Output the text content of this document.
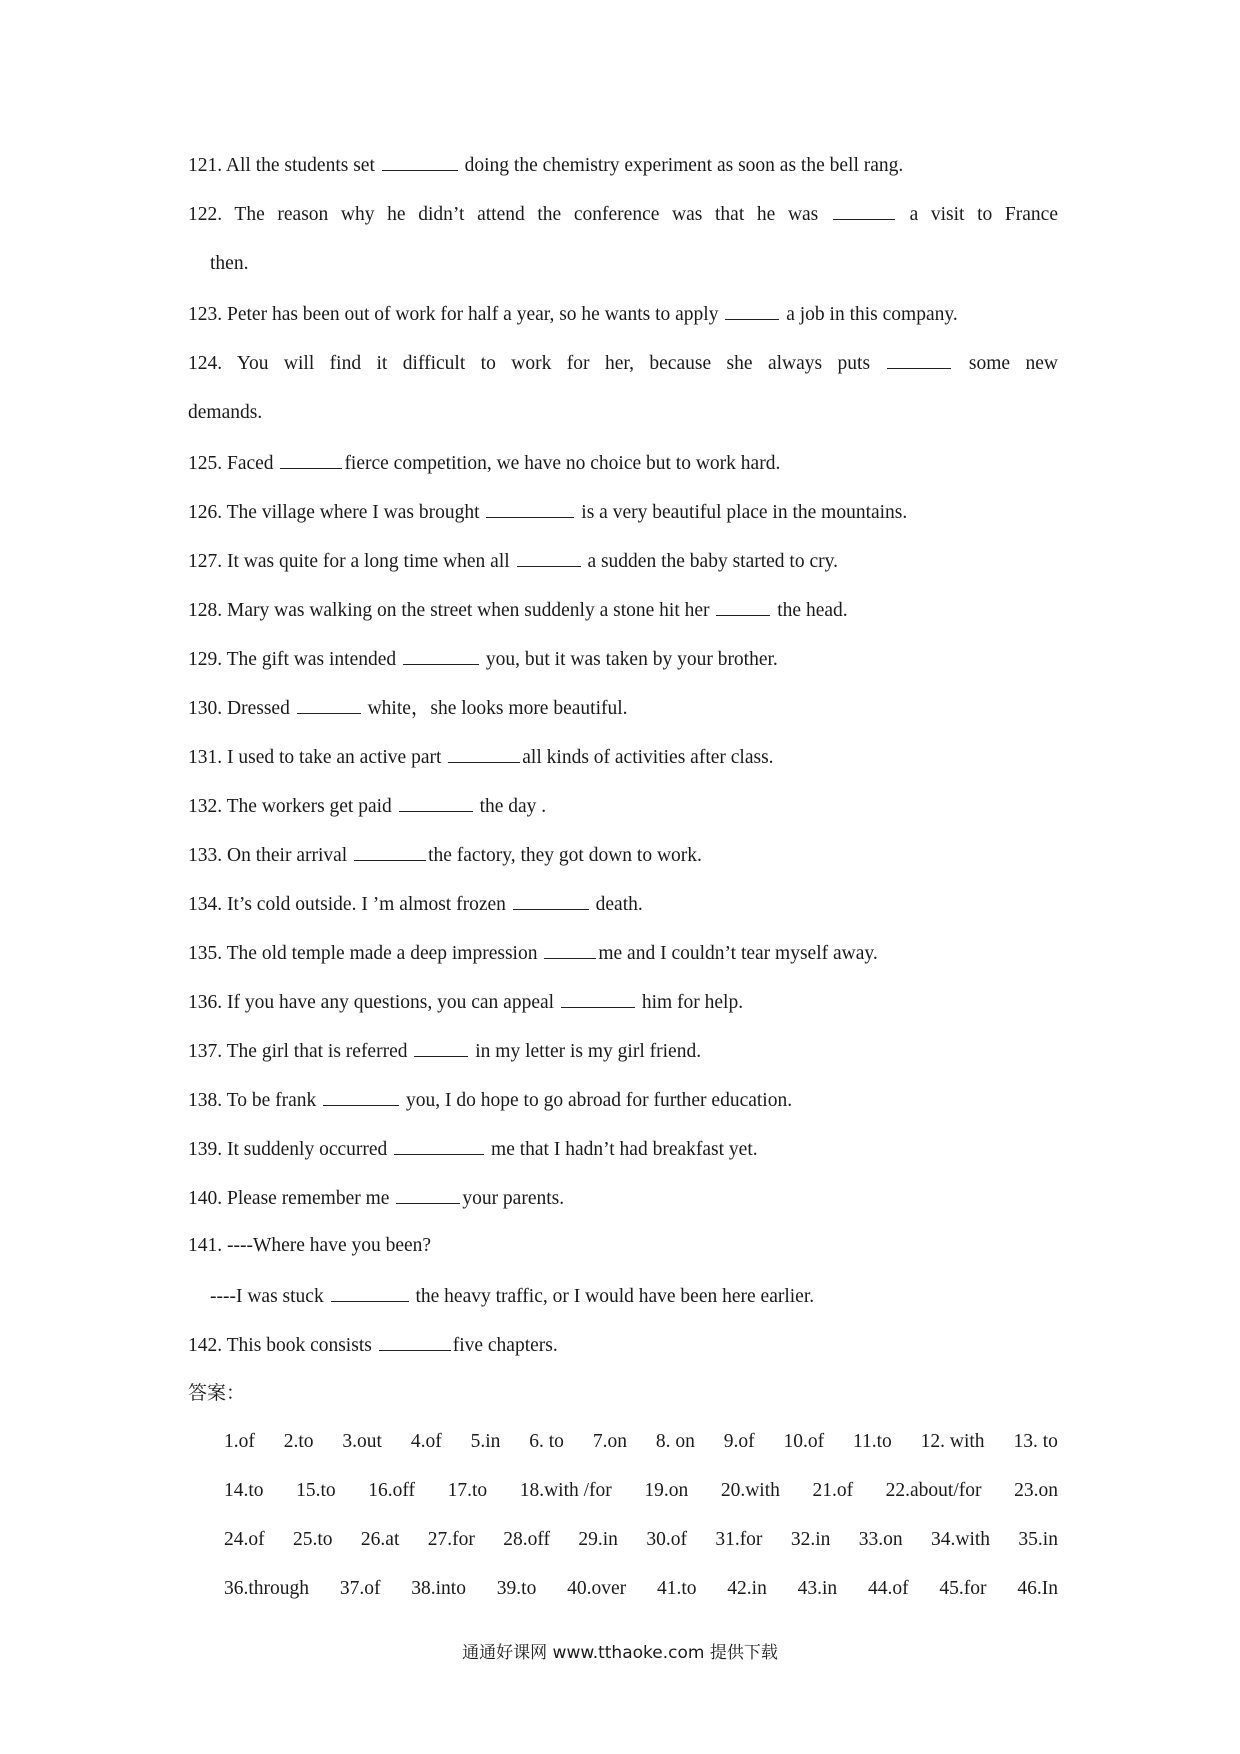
121. All the students set	doing the chemistry experiment as soon as the bell rang.
122. The reason why he didn’t attend the conference was that he was	a visit to France
then.
123. Peter has been out of work for half a year, so he wants to apply	a job in this company.
124. You will find it difficult to work for her, because she always puts	some new
demands.
125. Faced	fierce competition, we have no choice but to work hard.
126. The village where I was brought	is a very beautiful place in the mountains.
127. It was quite for a long time when all	a sudden the baby started to cry.
128. Mary was walking on the street when suddenly a stone hit her	the head.
129. The gift was intended	you, but it was taken by your brother.
130. Dressed	white，she looks more beautiful.
131. I used to take an active part	all kinds of activities after class.
132. The workers get paid	the day .
133. On their arrival	the factory, they got down to work.
134. It’s cold outside. I ’m almost frozen	death.
135. The old temple made a deep impression	me and I couldn’t tear myself away.
136. If you have any questions, you can appeal	him for help.
137. The girl that is referred	in my letter is my girl friend.
138. To be frank	you, I do hope to go abroad for further education.
139. It suddenly occurred	me that I hadn’t had breakfast yet.
140. Please remember me	your parents.
141. ----Where have you been?
----I was stuck	the heavy traffic, or I would have been here earlier.
142. This book consists	five chapters.
答案：
1.of 2.to 3.out 4.of 5.in 6. to 7.on 8. on 9.of 10.of 11.to 12. with 13. to
14.to 15.to 16.off 17.to 18.with /for 19.on 20.with 21.of 22.about/for 23.on
24.of 25.to 26.at 27.for 28.off 29.in 30.of 31.for 32.in 33.on 34.with 35.in
36.through 37.of 38.into 39.to 40.over 41.to 42.in 43.in 44.of 45.for 46.In
通通好课网 www.tthaoke.com 提供下载
